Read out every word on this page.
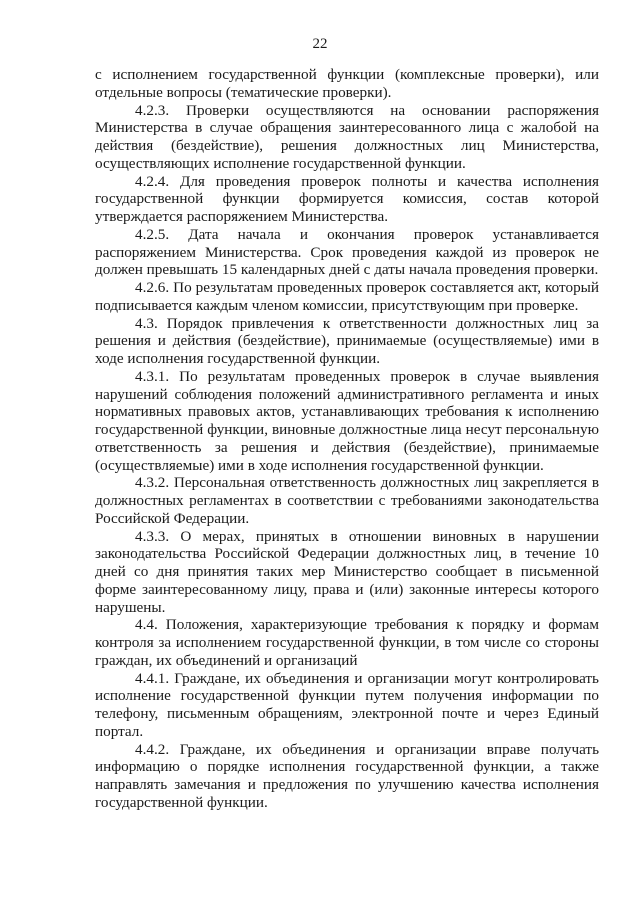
22

с исполнением государственной функции (комплексные проверки), или отдельные вопросы (тематические проверки).

4.2.3. Проверки осуществляются на основании распоряжения Министерства в случае обращения заинтересованного лица с жалобой на действия (бездействие), решения должностных лиц Министерства, осуществляющих исполнение государственной функции.

4.2.4. Для проведения проверок полноты и качества исполнения государственной функции формируется комиссия, состав которой утверждается распоряжением Министерства.

4.2.5. Дата начала и окончания проверок устанавливается распоряжением Министерства. Срок проведения каждой из проверок не должен превышать 15 календарных дней с даты начала проведения проверки.

4.2.6. По результатам проведенных проверок составляется акт, который подписывается каждым членом комиссии, присутствующим при проверке.

4.3. Порядок привлечения к ответственности должностных лиц за решения и действия (бездействие), принимаемые (осуществляемые) ими в ходе исполнения государственной функции.

4.3.1. По результатам проведенных проверок в случае выявления нарушений соблюдения положений административного регламента и иных нормативных правовых актов, устанавливающих требования к исполнению государственной функции, виновные должностные лица несут персональную ответственность за решения и действия (бездействие), принимаемые (осуществляемые) ими в ходе исполнения государственной функции.

4.3.2. Персональная ответственность должностных лиц закрепляется в должностных регламентах в соответствии с требованиями законодательства Российской Федерации.

4.3.3. О мерах, принятых в отношении виновных в нарушении законодательства Российской Федерации должностных лиц, в течение 10 дней со дня принятия таких мер Министерство сообщает в письменной форме заинтересованному лицу, права и (или) законные интересы которого нарушены.

4.4. Положения, характеризующие требования к порядку и формам контроля за исполнением государственной функции, в том числе со стороны граждан, их объединений и организаций

4.4.1. Граждане, их объединения и организации могут контролировать исполнение государственной функции путем получения информации по телефону, письменным обращениям, электронной почте и через Единый портал.

4.4.2. Граждане, их объединения и организации вправе получать информацию о порядке исполнения государственной функции, а также направлять замечания и предложения по улучшению качества исполнения государственной функции.
